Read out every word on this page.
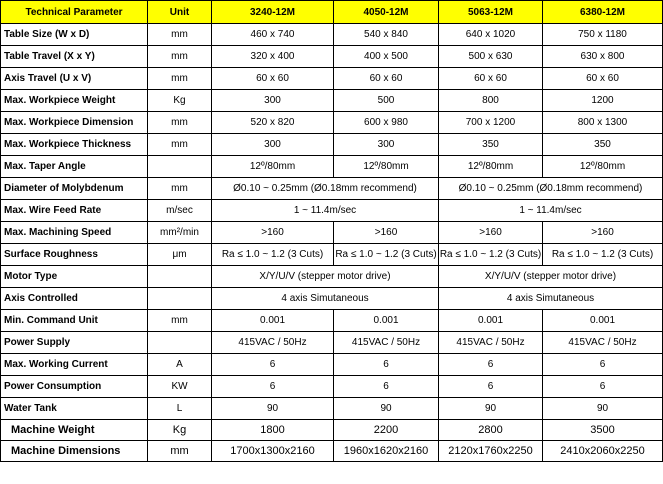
Technical Parameter	Unit	3240-12M	4050-12M	5063-12M	6380-12M
Table Size (W x D)	mm	460 x 740	540 x 840	640 x 1020	750 x 1180
Table Travel (X x Y)	mm	320 x 400	400 x 500	500 x 630	630 x 800
Axis Travel (U x V)	mm	60 x 60	60 x 60	60 x 60	60 x 60
Max. Workpiece Weight	Kg	300	500	800	1200
Max. Workpiece Dimension	mm	520 x 820	600 x 980	700 x 1200	800 x 1300
Max. Workpiece Thickness	mm	300	300	350	350
Max. Taper Angle		12º/80mm	12º/80mm	12º/80mm	12º/80mm
Diameter of Molybdenum	mm	Ø0.10 ~ 0.25mm (Ø0.18mm recommend)		Ø0.10 ~ 0.25mm (Ø0.18mm recommend)	
Max. Wire Feed Rate	m/sec	1 ~ 11.4m/sec		1 ~ 11.4m/sec	
Max. Machining Speed	mm²/min	>160	>160	>160	>160
Surface Roughness	μm	Ra ≤ 1.0 ~ 1.2 (3 Cuts)	Ra ≤ 1.0 ~ 1.2 (3 Cuts)	Ra ≤ 1.0 ~ 1.2 (3 Cuts)	Ra ≤ 1.0 ~ 1.2 (3 Cuts)
Motor Type		X/Y/U/V (stepper motor drive)		X/Y/U/V (stepper motor drive)	
Axis Controlled		4 axis Simutaneous		4 axis Simutaneous	
Min. Command Unit	mm	0.001	0.001	0.001	0.001
Power Supply		415VAC / 50Hz	415VAC / 50Hz	415VAC / 50Hz	415VAC / 50Hz
Max. Working Current	A	6	6	6	6
Power Consumption	KW	6	6	6	6
Water Tank	L	90	90	90	90
Machine Weight	Kg	1800	2200	2800	3500
Machine Dimensions	mm	1700x1300x2160	1960x1620x2160	2120x1760x2250	2410x2060x2250
